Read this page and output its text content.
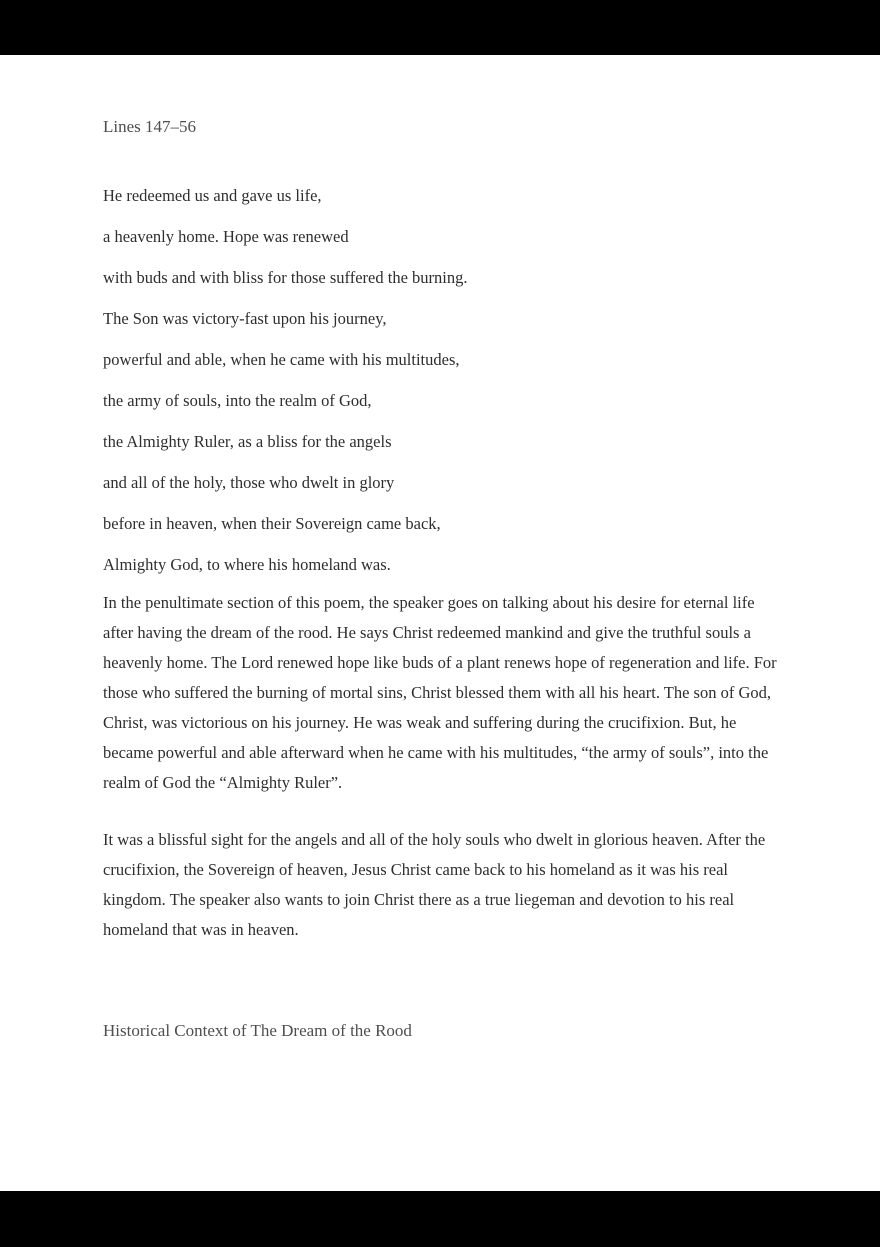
Lines 147–56

He redeemed us and gave us life,

a heavenly home. Hope was renewed

with buds and with bliss for those suffered the burning.

The Son was victory-fast upon his journey,

powerful and able, when he came with his multitudes,

the army of souls, into the realm of God,

the Almighty Ruler, as a bliss for the angels

and all of the holy, those who dwelt in glory

before in heaven, when their Sovereign came back,

Almighty God, to where his homeland was.

In the penultimate section of this poem, the speaker goes on talking about his desire for eternal life after having the dream of the rood. He says Christ redeemed mankind and give the truthful souls a heavenly home. The Lord renewed hope like buds of a plant renews hope of regeneration and life. For those who suffered the burning of mortal sins, Christ blessed them with all his heart. The son of God, Christ, was victorious on his journey. He was weak and suffering during the crucifixion. But, he became powerful and able afterward when he came with his multitudes, “the army of souls”, into the realm of God the “Almighty Ruler”.

It was a blissful sight for the angels and all of the holy souls who dwelt in glorious heaven. After the crucifixion, the Sovereign of heaven, Jesus Christ came back to his homeland as it was his real kingdom. The speaker also wants to join Christ there as a true liegeman and devotion to his real homeland that was in heaven.

Historical Context of The Dream of the Rood
